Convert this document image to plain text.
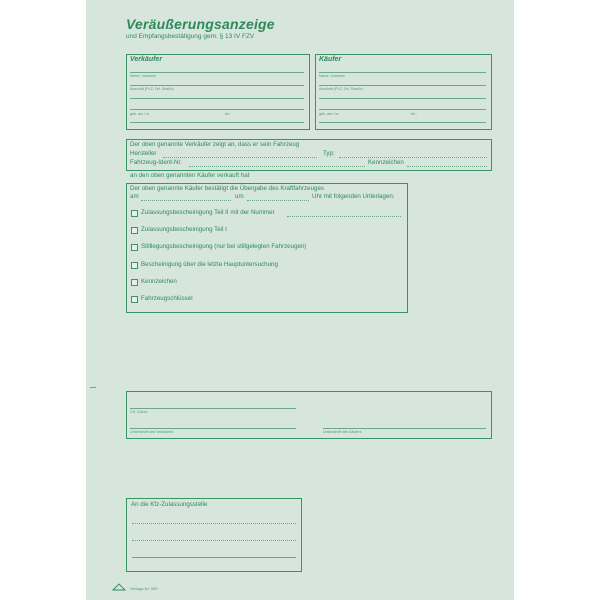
Veräußerungsanzeige
und Empfangsbestätigung gem. § 13 IV FZV
Verkäufer
Name, Vorname
Anschrift (PLZ, Ort, Straße)
geb. am / in:	tel.:
Käufer
Name, Vorname
Anschrift (PLZ, Ort, Straße)
geb. am / in:	tel.:
Der oben genannte Verkäufer zeigt an, dass er sein Fahrzeug
Hersteller	Typ:
Fahrzeug-Ident-Nr.	Kennzeichen
an den oben genannten Käufer verkauft hat
Der oben genannte Käufer bestätigt die Übergabe des Kraftfahrzeuges
am	um	Uhr mit folgenden Unterlagen:
Zulassungsbescheinigung Teil II mit der Nummer
Zulassungsbescheinigung Teil I
Stilllegungsbescheinigung (nur bei stillgelegten Fahrzeugen)
Bescheinigung über die letzte Hauptuntersuchung
Kennzeichen
Fahrzeugschlüssel
Ort, Datum
Unterschrift des Verkäufers	Unterschrift des Käufers
An die Kfz-Zulassungsstelle
Verlags-Nr. 590
